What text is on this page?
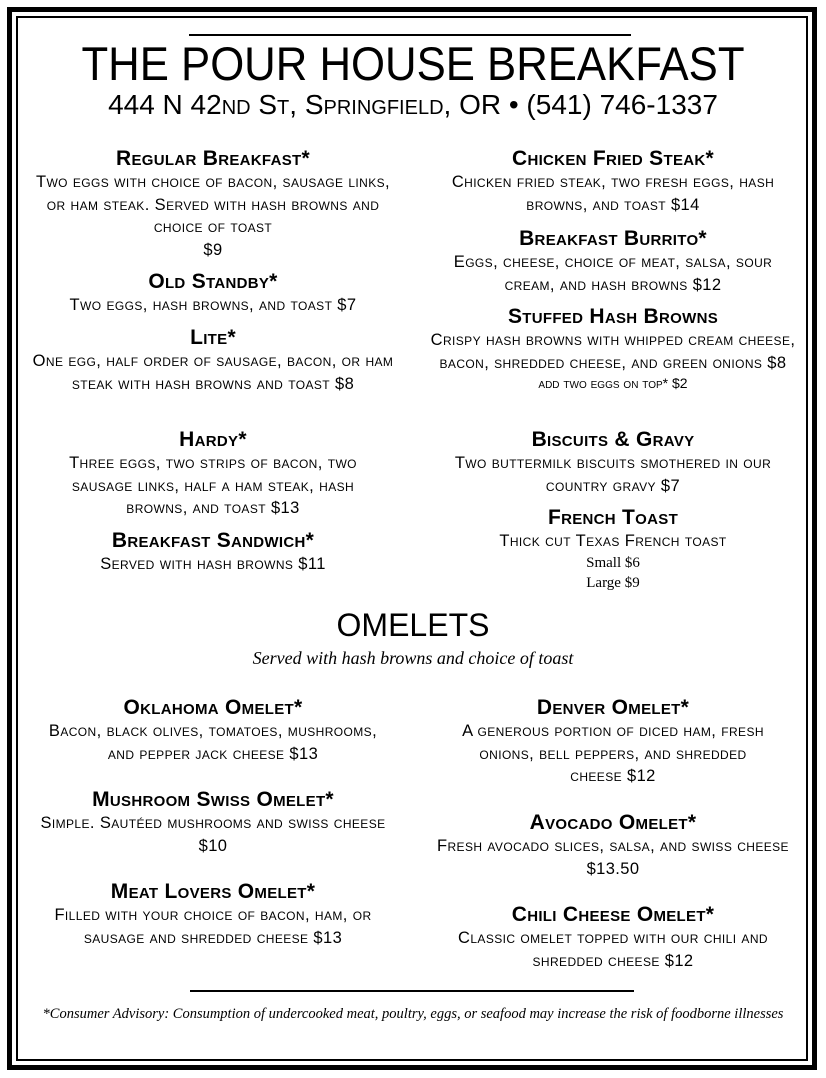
THE POUR HOUSE BREAKFAST
444 N 42nd St, Springfield, OR • (541) 746-1337
Regular Breakfast*
Two eggs with choice of bacon, sausage links, or ham steak. Served with hash browns and choice of toast
$9
Old Standby*
Two eggs, hash browns, and toast $7
Lite*
One egg, half order of sausage, bacon, or ham steak with hash browns and toast $8
Hardy*
Three eggs, two strips of bacon, two sausage links, half a ham steak, hash browns, and toast $13
Breakfast Sandwich*
Served with hash browns $11
Chicken Fried Steak*
Chicken fried steak, two fresh eggs, hash browns, and toast $14
Breakfast Burrito*
Eggs, cheese, choice of meat, salsa, sour cream, and hash browns $12
Stuffed Hash Browns
Crispy hash browns with whipped cream cheese, bacon, shredded cheese, and green onions $8
add two eggs on top* $2
Biscuits & Gravy
Two buttermilk biscuits smothered in our country gravy $7
French Toast
Thick cut Texas French toast
Small $6
Large $9
OMELETS
Served with hash browns and choice of toast
Oklahoma Omelet*
Bacon, black olives, tomatoes, mushrooms, and pepper jack cheese $13
Mushroom Swiss Omelet*
Simple. Sautéed mushrooms and swiss cheese $10
Meat Lovers Omelet*
Filled with your choice of bacon, ham, or sausage and shredded cheese $13
Denver Omelet*
A generous portion of diced ham, fresh onions, bell peppers, and shredded cheese $12
Avocado Omelet*
Fresh avocado slices, salsa, and swiss cheese $13.50
Chili Cheese Omelet*
Classic omelet topped with our chili and shredded cheese $12
*Consumer Advisory: Consumption of undercooked meat, poultry, eggs, or seafood may increase the risk of foodborne illnesses
